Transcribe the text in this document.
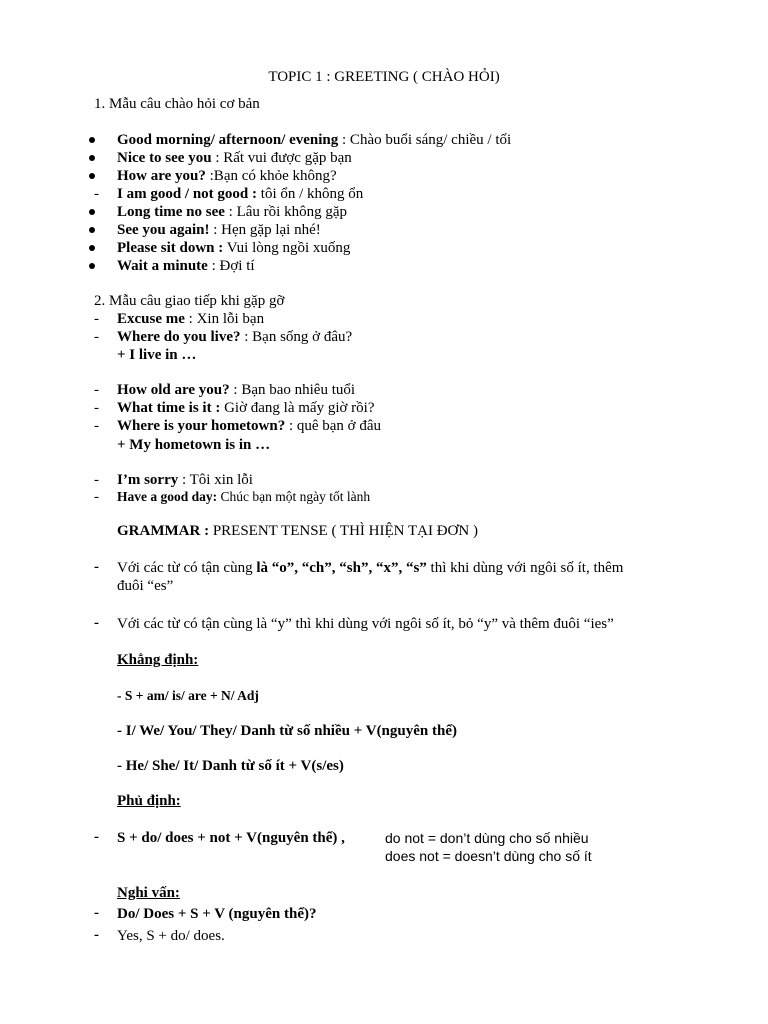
TOPIC 1 : GREETING ( CHÀO HỎI)
1. Mẫu câu chào hỏi cơ bản
Good morning/ afternoon/ evening : Chào buổi sáng/ chiều / tối
Nice to see you : Rất vui được gặp bạn
How are you? :Bạn có khỏe không?
- I am good / not good : tôi ổn / không ổn
Long time no see : Lâu rồi không gặp
See you again! : Hẹn gặp lại nhé!
Please sit down : Vui lòng ngồi xuống
Wait a minute : Đợi tí
2. Mẫu câu giao tiếp khi gặp gỡ
- Excuse me : Xin lỗi bạn
- Where do you live? : Bạn sống ở đâu?
+ I live in …
- How old are you? : Bạn bao nhiêu tuổi
- What time is it : Giờ đang là mấy giờ rồi?
- Where is your hometown? : quê bạn ở đâu
+ My hometown is in …
- I’m sorry : Tôi xin lỗi
- Have a good day: Chúc bạn một ngày tốt lành
GRAMMAR : PRESENT TENSE ( THÌ HIỆN TẠI ĐƠN )
- Với các từ có tận cùng là “o”, “ch”, “sh”, “x”, “s” thì khi dùng với ngôi số ít, thêm
đuôi “es”
- Với các từ có tận cùng là “y” thì khi dùng với ngôi số ít, bỏ “y” và thêm đuôi “ies”
Khẳng định:
- S + am/ is/ are + N/ Adj
- I/ We/ You/ They/ Danh từ số nhiều + V(nguyên thể)
- He/ She/ It/ Danh từ số ít + V(s/es)
Phủ định:
- S + do/ does + not + V(nguyên thể) ,	do not = don’t dùng cho số nhiều
does not = doesn’t dùng cho số ít
Nghi vấn:
- Do/ Does + S + V (nguyên thể)?
- Yes, S + do/ does.
